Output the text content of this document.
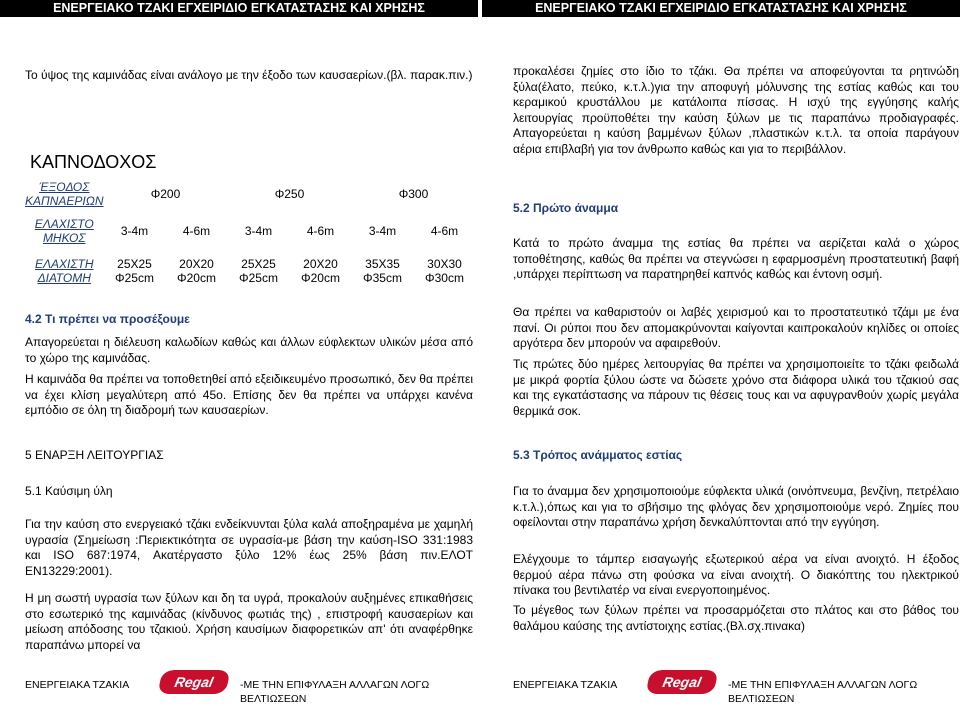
ΕΝΕΡΓΕΙΑΚΟ ΤΖΑΚΙ ΕΓΧΕΙΡΙΔΙΟ ΕΓΚΑΤΑΣΤΑΣΗΣ ΚΑΙ ΧΡΗΣΗΣ	ΕΝΕΡΓΕΙΑΚΟ ΤΖΑΚΙ ΕΓΧΕΙΡΙΔΙΟ ΕΓΚΑΤΑΣΤΑΣΗΣ ΚΑΙ ΧΡΗΣΗΣ

Το ύψος της καμινάδας είναι ανάλογο με την έξοδο των καυσαερίων.(βλ. παρακ.πιν.)

ΚΑΠΝΟΔΟΧΟΣ
ΈΞΟΔΟΣ ΚΑΠΝΑΕΡΙΩΝ	Φ200		Φ250		Φ300	
ΕΛΑΧΙΣΤΟ ΜΗΚΟΣ	3-4m	4-6m	3-4m	4-6m	3-4m	4-6m
ΕΛΑΧΙΣΤΗ ΔΙΑΤΟΜΗ	25Χ25 Φ25cm	20Χ20 Φ20cm	25Χ25 Φ25cm	20Χ20 Φ20cm	35Χ35 Φ35cm	30Χ30 Φ30cm
4.2 Τι πρέπει να προσέξουμε

Απαγορεύεται η διέλευση καλωδίων καθώς και άλλων εύφλεκτων υλικών μέσα από το χώρο της καμινάδας.

Η καμινάδα θα πρέπει να τοποθετηθεί από εξειδικευμένο προσωπικό, δεν θα πρέπει να έχει κλίση μεγαλύτερη από 45ο. Επίσης δεν θα πρέπει να υπάρχει κανένα εμπόδιο σε όλη τη διαδρομή των καυσαερίων.

5 ΕΝΑΡΞΗ ΛΕΙΤΟΥΡΓΙΑΣ
5.1 Καύσιμη ύλη

Για την καύση στο ενεργειακό τζάκι ενδείκνυνται ξύλα καλά αποξηραμένα με χαμηλή υγρασία (Σημείωση :Περιεκτικότητα σε υγρασία-με βάση την καύση-ISO 331:1983 και ISO 687:1974, Ακατέργαστο ξύλο 12% έως 25% βάση πιν.ΕΛΟΤ ΕΝ13229:2001).

Η μη σωστή υγρασία των ξύλων και δη τα υγρά, προκαλούν αυξημένες επικαθήσεις στο εσωτερικό της καμινάδας (κίνδυνος φωτιάς της) , επιστροφή καυσαερίων και μείωση απόδοσης του τζακιού. Χρήση καυσίμων διαφορετικών απ' ότι αναφέρθηκε παραπάνω μπορεί να

προκαλέσει ζημίες στο ίδιο το τζάκι. Θα πρέπει να αποφεύγονται τα ρητινώδη ξύλα(έλατο, πεύκο, κ.τ.λ.)για την αποφυγή μόλυνσης της εστίας καθώς και του κεραμικού κρυστάλλου με κατάλοιπα πίσσας. Η ισχύ της εγγύησης καλής λειτουργίας προϋποθέτει την καύση ξύλων με τις παραπάνω προδιαγραφές. Απαγορεύεται η καύση βαμμένων ξύλων ,πλαστικών κ.τ.λ. τα οποία παράγουν αέρια επιβλαβή για τον άνθρωπο καθώς και για το περιβάλλον.

5.2 Πρώτο άναμμα

Κατά το πρώτο άναμμα της εστίας θα πρέπει να αερίζεται καλά ο χώρος τοποθέτησης, καθώς θα πρέπει να στεγνώσει η εφαρμοσμένη προστατευτική βαφή ,υπάρχει περίπτωση να παρατηρηθεί καπνός καθώς και έντονη οσμή.

Θα πρέπει να καθαριστούν οι λαβές χειρισμού και το προστατευτικό τζάμι με ένα πανί. Οι ρύποι που δεν απομακρύνονται καίγονται καιπροκαλούν κηλίδες οι οποίες αργότερα δεν μπορούν να αφαιρεθούν.

Τις πρώτες δύο ημέρες λειτουργίας θα πρέπει να χρησιμοποιείτε το τζάκι φειδωλά με μικρά φορτία ξύλου ώστε να δώσετε χρόνο στα διάφορα υλικά του τζακιού σας και της εγκατάστασης να πάρουν τις θέσεις τους και να αφυγρανθούν χωρίς μεγάλα θερμικά σοκ.

5.3 Τρόπος ανάμματος εστίας

Για το άναμμα δεν χρησιμοποιούμε εύφλεκτα υλικά (οινόπνευμα, βενζίνη, πετρέλαιο κ.τ.λ.),όπως και για το σβήσιμο της φλόγας δεν χρησιμοποιούμε νερό. Ζημίες που οφείλονται στην παραπάνω χρήση δενκαλύπτονται από την εγγύηση.

Ελέγχουμε το τάμπερ εισαγωγής εξωτερικού αέρα να είναι ανοιχτό. Η έξοδος θερμού αέρα πάνω στη φούσκα να είναι ανοιχτή. Ο διακόπτης του ηλεκτρικού πίνακα του βεντιλατέρ να είναι ενεργοποιημένος.

Το μέγεθος των ξύλων πρέπει να προσαρμόζεται στο πλάτος και στο βάθος του θαλάμου καύσης της αντίστοιχης εστίας.(Βλ.σχ.πινακα)

ΕΝΕΡΓΕΙΑΚΑ ΤΖΑΚΙΑ	Regal	-ΜΕ ΤΗΝ ΕΠΙΦΥΛΑΞΗ ΑΛΛΑΓΩΝ ΛΟΓΩ ΒΕΛΤΙΩΣΕΩΝ
ΕΝΕΡΓΕΙΑΚΑ ΤΖΑΚΙΑ	Regal	-ΜΕ ΤΗΝ ΕΠΙΦΥΛΑΞΗ ΑΛΛΑΓΩΝ ΛΟΓΩ ΒΕΛΤΙΩΣΕΩΝ
